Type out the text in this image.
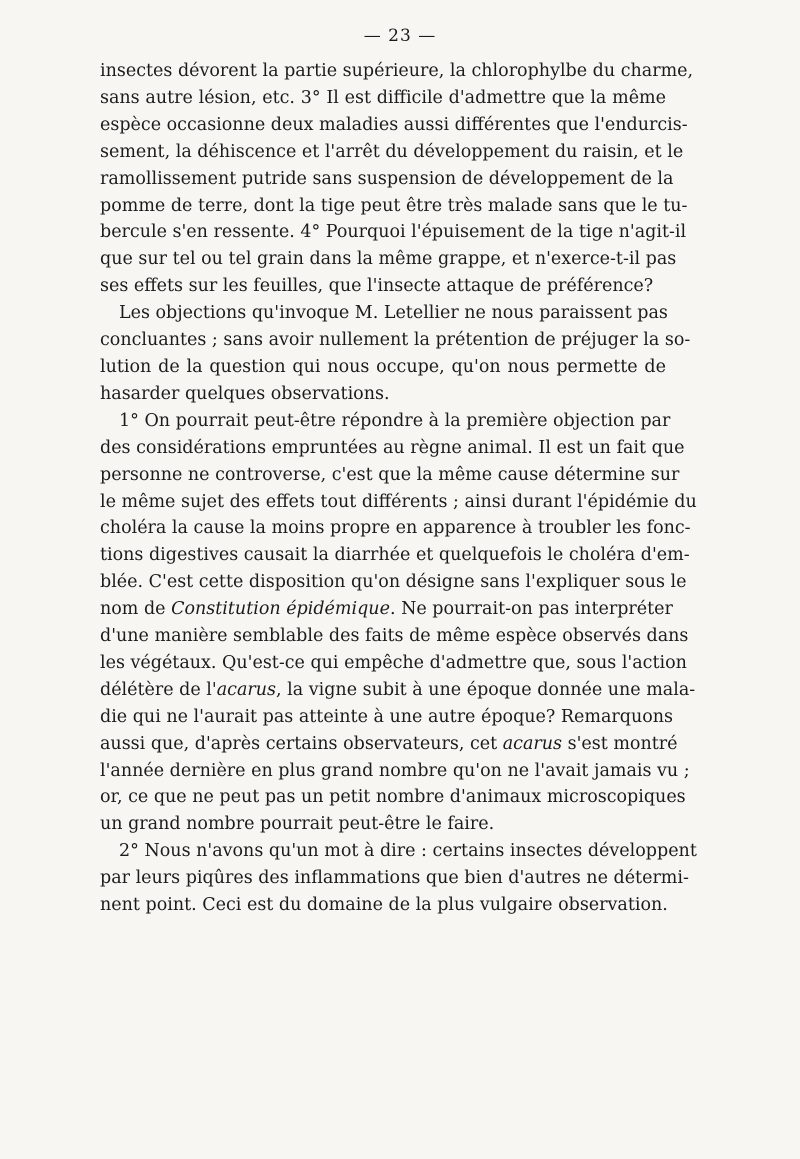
— 23 —

insectes dévorent la partie supérieure, la chlorophylbe du charme,
sans autre lésion, etc. 3° Il est difficile d'admettre que la même
espèce occasionne deux maladies aussi différentes que l'endurcis-
sement, la déhiscence et l'arrêt du développement du raisin, et le
ramollissement putride sans suspension de développement de la
pomme de terre, dont la tige peut être très malade sans que le tu-
bercule s'en ressente. 4° Pourquoi l'épuisement de la tige n'agit-il
que sur tel ou tel grain dans la même grappe, et n'exerce-t-il pas
ses effets sur les feuilles, que l'insecte attaque de préférence?

Les objections qu'invoque M. Letellier ne nous paraissent pas
concluantes ; sans avoir nullement la prétention de préjuger la so-
lution de la question qui nous occupe, qu'on nous permette de
hasarder quelques observations.

1° On pourrait peut-être répondre à la première objection par
des considérations empruntées au règne animal. Il est un fait que
personne ne controverse, c'est que la même cause détermine sur
le même sujet des effets tout différents ; ainsi durant l'épidémie du
choléra la cause la moins propre en apparence à troubler les fonc-
tions digestives causait la diarrhée et quelquefois le choléra d'em-
blée. C'est cette disposition qu'on désigne sans l'expliquer sous le
nom de Constitution épidémique. Ne pourrait-on pas interpréter
d'une manière semblable des faits de même espèce observés dans
les végétaux. Qu'est-ce qui empêche d'admettre que, sous l'action
délétère de l'acarus, la vigne subit à une époque donnée une mala-
die qui ne l'aurait pas atteinte à une autre époque? Remarquons
aussi que, d'après certains observateurs, cet acarus s'est montré
l'année dernière en plus grand nombre qu'on ne l'avait jamais vu ;
or, ce que ne peut pas un petit nombre d'animaux microscopiques
un grand nombre pourrait peut-être le faire.

2° Nous n'avons qu'un mot à dire : certains insectes développent
par leurs piqûres des inflammations que bien d'autres ne détermi-
nent point. Ceci est du domaine de la plus vulgaire observation.
